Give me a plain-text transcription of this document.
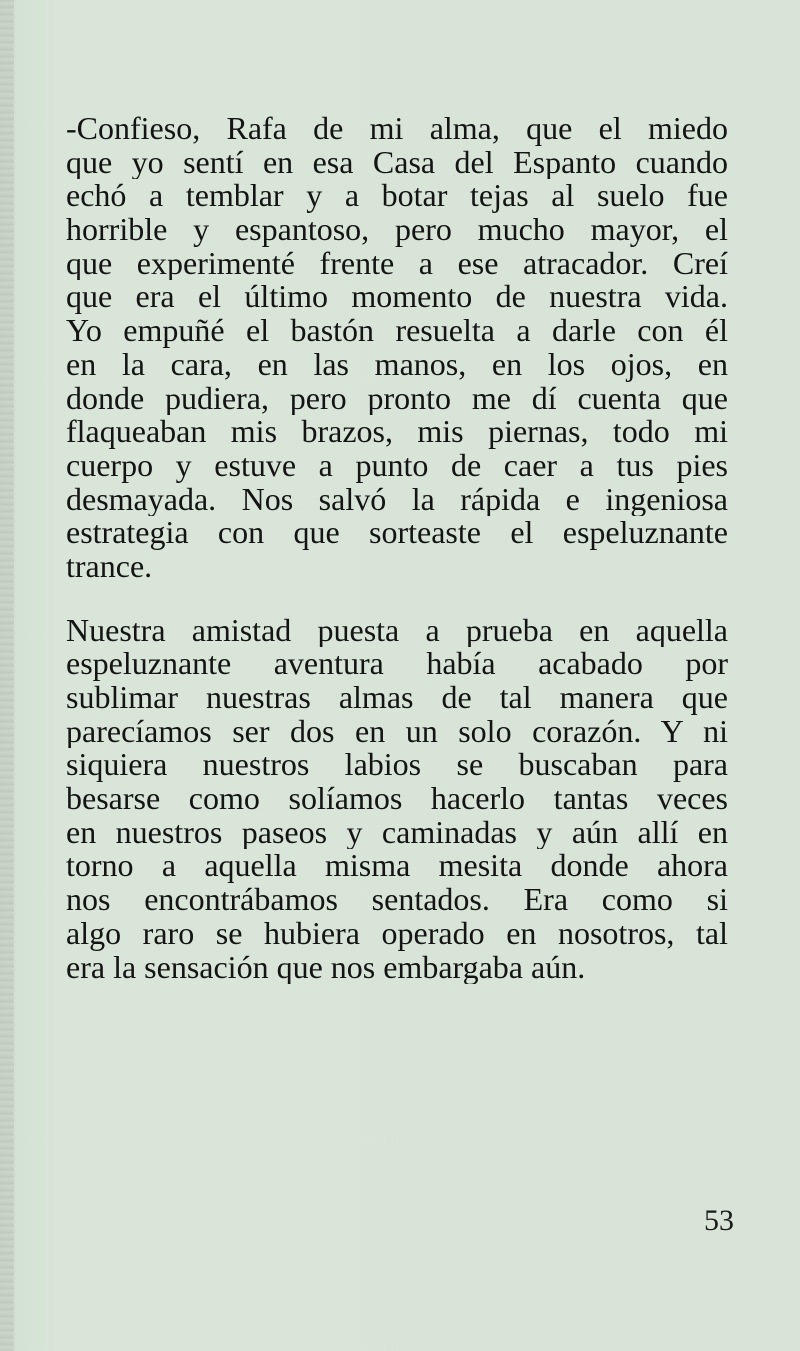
-Confieso, Rafa de mi alma, que el miedo
que yo sentí en esa Casa del Espanto cuando
echó a temblar y a botar tejas al suelo fue
horrible y espantoso, pero mucho mayor, el
que experimenté frente a ese atracador. Creí
que era el último momento de nuestra vida.
Yo empuñé el bastón resuelta a darle con él
en la cara, en las manos, en los ojos, en
donde pudiera, pero pronto me dí cuenta que
flaqueaban mis brazos, mis piernas, todo mi
cuerpo y estuve a punto de caer a tus pies
desmayada. Nos salvó la rápida e ingeniosa
estrategia con que sorteaste el espeluznante
trance.
Nuestra amistad puesta a prueba en aquella
espeluznante aventura había acabado por
sublimar nuestras almas de tal manera que
parecíamos ser dos en un solo corazón. Y ni
siquiera nuestros labios se buscaban para
besarse como solíamos hacerlo tantas veces
en nuestros paseos y caminadas y aún allí en
torno a aquella misma mesita donde ahora
nos encontrábamos sentados. Era como si
algo raro se hubiera operado en nosotros, tal
era la sensación que nos embargaba aún.
53
